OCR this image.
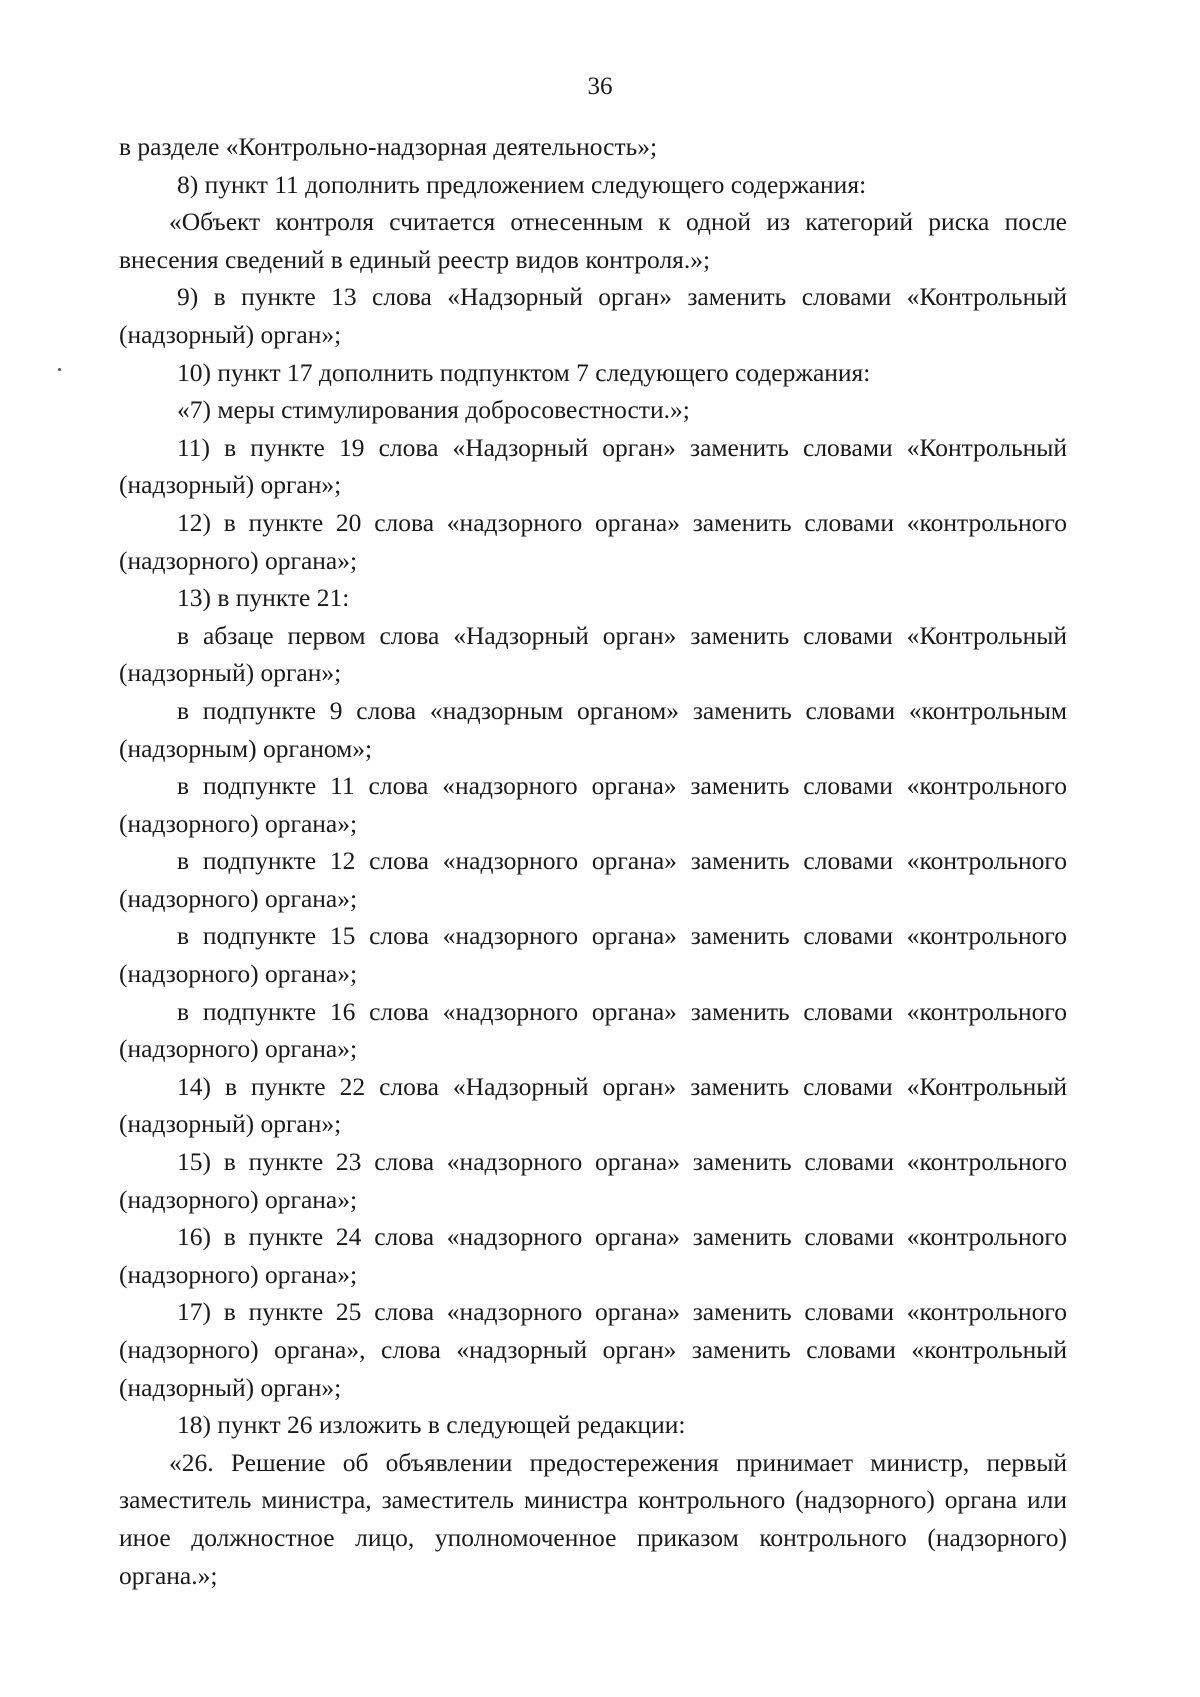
36

в разделе «Контрольно-надзорная деятельность»;

8) пункт 11 дополнить предложением следующего содержания:

«Объект контроля считается отнесенным к одной из категорий риска после внесения сведений в единый реестр видов контроля.»;

9) в пункте 13 слова «Надзорный орган» заменить словами «Контрольный (надзорный) орган»;

10) пункт 17 дополнить подпунктом 7 следующего содержания:

«7) меры стимулирования добросовестности.»;

11) в пункте 19 слова «Надзорный орган» заменить словами «Контрольный (надзорный) орган»;

12) в пункте 20 слова «надзорного органа» заменить словами «контрольного (надзорного) органа»;

13) в пункте 21:

в абзаце первом слова «Надзорный орган» заменить словами «Контрольный (надзорный) орган»;

в подпункте 9 слова «надзорным органом» заменить словами «контрольным (надзорным) органом»;

в подпункте 11 слова «надзорного органа» заменить словами «контрольного (надзорного) органа»;

в подпункте 12 слова «надзорного органа» заменить словами «контрольного (надзорного) органа»;

в подпункте 15 слова «надзорного органа» заменить словами «контрольного (надзорного) органа»;

в подпункте 16 слова «надзорного органа» заменить словами «контрольного (надзорного) органа»;

14) в пункте 22 слова «Надзорный орган» заменить словами «Контрольный (надзорный) орган»;

15) в пункте 23 слова «надзорного органа» заменить словами «контрольного (надзорного) органа»;

16) в пункте 24 слова «надзорного органа» заменить словами «контрольного (надзорного) органа»;

17) в пункте 25 слова «надзорного органа» заменить словами «контрольного (надзорного) органа», слова «надзорный орган» заменить словами «контрольный (надзорный) орган»;

18) пункт 26 изложить в следующей редакции:

«26. Решение об объявлении предостережения принимает министр, первый заместитель министра, заместитель министра контрольного (надзорного) органа или иное должностное лицо, уполномоченное приказом контрольного (надзорного) органа.»;
